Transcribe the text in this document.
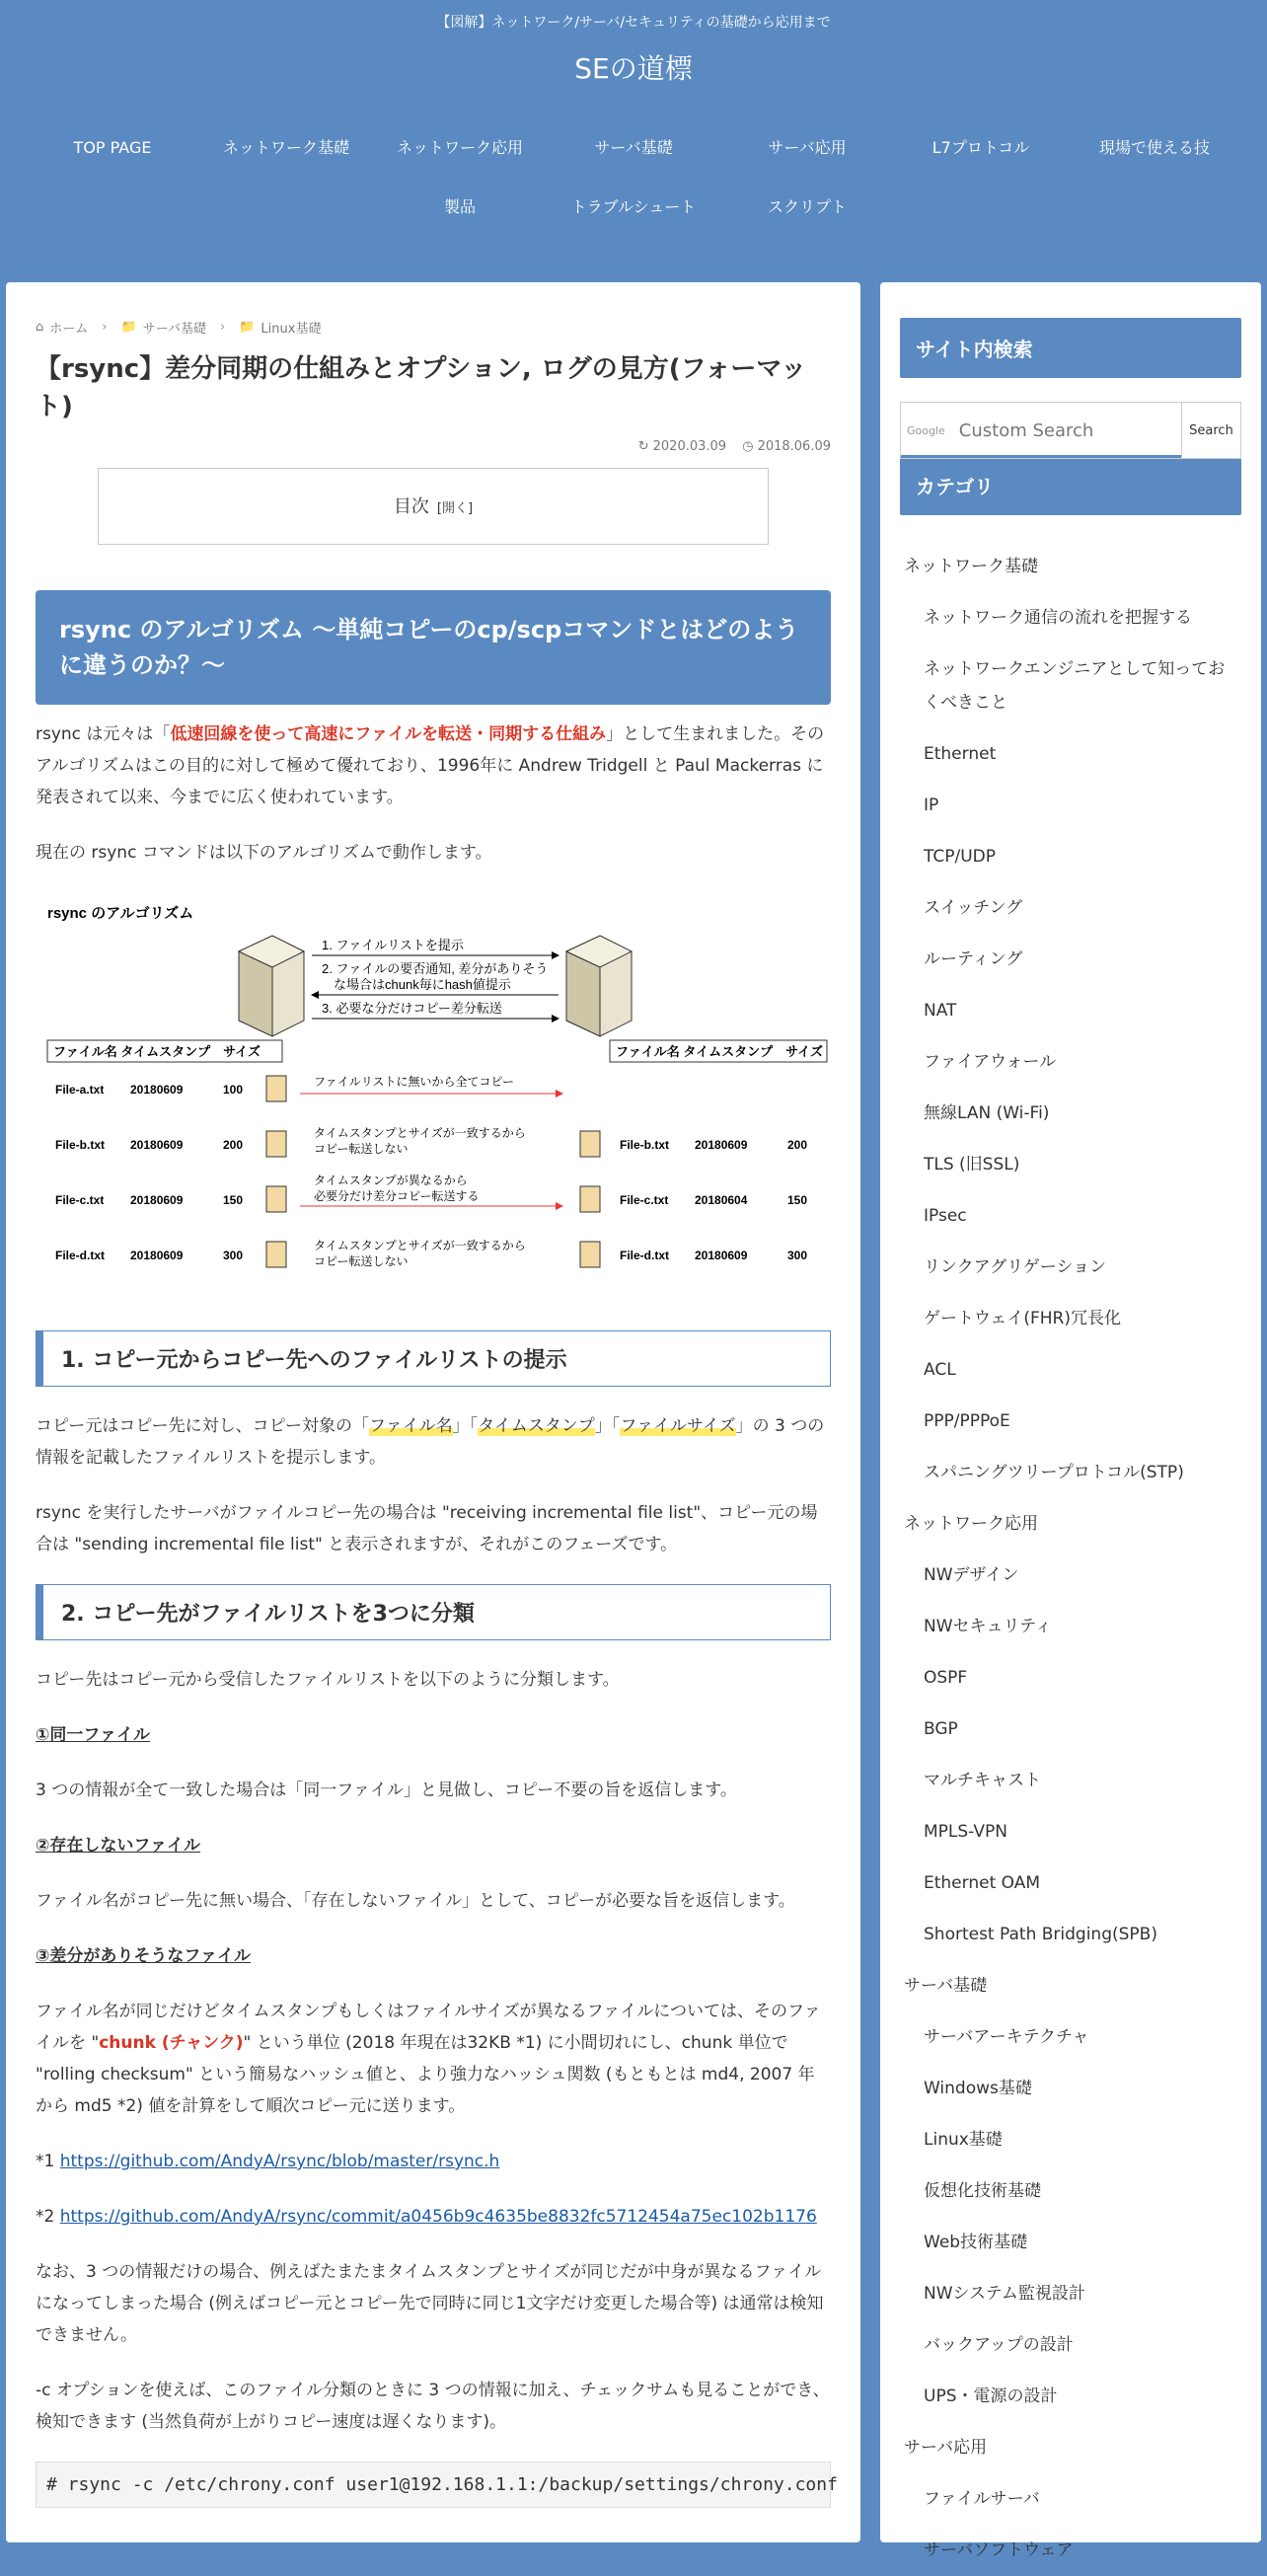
【図解】ネットワーク/サーバ/セキュリティの基礎から応用まで
SEの道標
TOP PAGE	ネットワーク基礎	ネットワーク応用	サーバ基礎	サーバ応用	L7プロトコル	現場で使える技
製品	トラブルシュート	スクリプト
⌂ ホーム › 📁 サーバ基礎 › 📁 Linux基礎
【rsync】差分同期の仕組みとオプション, ログの見方(フォーマット)
↻ 2020.03.09 ◷ 2018.06.09
目次 [開く]
rsync のアルゴリズム ～単純コピーのcp/scpコマンドとはどのように違うのか？～

rsync は元々は「低速回線を使って高速にファイルを転送・同期する仕組み」として生まれました。そのアルゴリズムはこの目的に対して極めて優れており、1996年に Andrew Tridgell と Paul Mackerras に発表されて以来、今までに広く使われています。

現在の rsync コマンドは以下のアルゴリズムで動作します。

rsync のアルゴリズム
1. ファイルリストを提示
2. ファイルの要否通知, 差分がありそう
な場合はchunk毎にhash値提示
3. 必要な分だけコピー差分転送
ファイル名 タイムスタンプ　サイズ	ファイル名 タイムスタンプ　サイズ
File-a.txt 20180609	100
File-b.txt 20180609	200	File-b.txt 20180609	200
File-c.txt 20180609	150	File-c.txt 20180604	150
File-d.txt 20180609	300	File-d.txt 20180609	300
ファイルリストに無いから全てコピー
タイムスタンプとサイズが一致するから
コピー転送しない
タイムスタンプが異なるから
必要分だけ差分コピー転送する
タイムスタンプとサイズが一致するから
コピー転送しない
1. コピー元からコピー先へのファイルリストの提示

コピー元はコピー先に対し、コピー対象の「ファイル名」「タイムスタンプ」「ファイルサイズ」の 3 つの情報を記載したファイルリストを提示します。

rsync を実行したサーバがファイルコピー先の場合は "receiving incremental file list"、コピー元の場合は "sending incremental file list" と表示されますが、それがこのフェーズです。

2. コピー先がファイルリストを3つに分類

コピー先はコピー元から受信したファイルリストを以下のように分類します。

①同一ファイル

3 つの情報が全て一致した場合は「同一ファイル」と見做し、コピー不要の旨を返信します。

②存在しないファイル

ファイル名がコピー先に無い場合、「存在しないファイル」として、コピーが必要な旨を返信します。

③差分がありそうなファイル

ファイル名が同じだけどタイムスタンプもしくはファイルサイズが異なるファイルについては、そのファイルを "chunk (チャンク)" という単位 (2018 年現在は32KB *1) に小間切れにし、chunk 単位で "rolling checksum" という簡易なハッシュ値と、より強力なハッシュ関数 (もともとは md4, 2007 年から md5 *2) 値を計算をして順次コピー元に送ります。

*1 https://github.com/AndyA/rsync/blob/master/rsync.h

*2 https://github.com/AndyA/rsync/commit/a0456b9c4635be8832fc5712454a75ec102b1176

なお、3 つの情報だけの場合、例えばたまたまタイムスタンプとサイズが同じだが中身が異なるファイルになってしまった場合 (例えばコピー元とコピー先で同時に同じ1文字だけ変更した場合等) は通常は検知できません。

-c オプションを使えば、このファイル分類のときに 3 つの情報に加え、チェックサムも見ることができ、検知できます (当然負荷が上がりコピー速度は遅くなります)。

# rsync -c /etc/chrony.conf user1@192.168.1.1:/backup/settings/chrony.conf
サイト内検索
Google Custom Search	Search
カテゴリ
ネットワーク基礎
ネットワーク通信の流れを把握する
ネットワークエンジニアとして知っておくべきこと
Ethernet
IP
TCP/UDP
スイッチング
ルーティング
NAT
ファイアウォール
無線LAN (Wi-Fi)
TLS (旧SSL)
IPsec
リンクアグリゲーション
ゲートウェイ(FHR)冗長化
ACL
PPP/PPPoE
スパニングツリープロトコル(STP)
ネットワーク応用
NWデザイン
NWセキュリティ
OSPF
BGP
マルチキャスト
MPLS-VPN
Ethernet OAM
Shortest Path Bridging(SPB)
サーバ基礎
サーバアーキテクチャ
Windows基礎
Linux基礎
仮想化技術基礎
Web技術基礎
NWシステム監視設計
バックアップの設計
UPS・電源の設計
サーバ応用
ファイルサーバ
サーバソフトウェア
